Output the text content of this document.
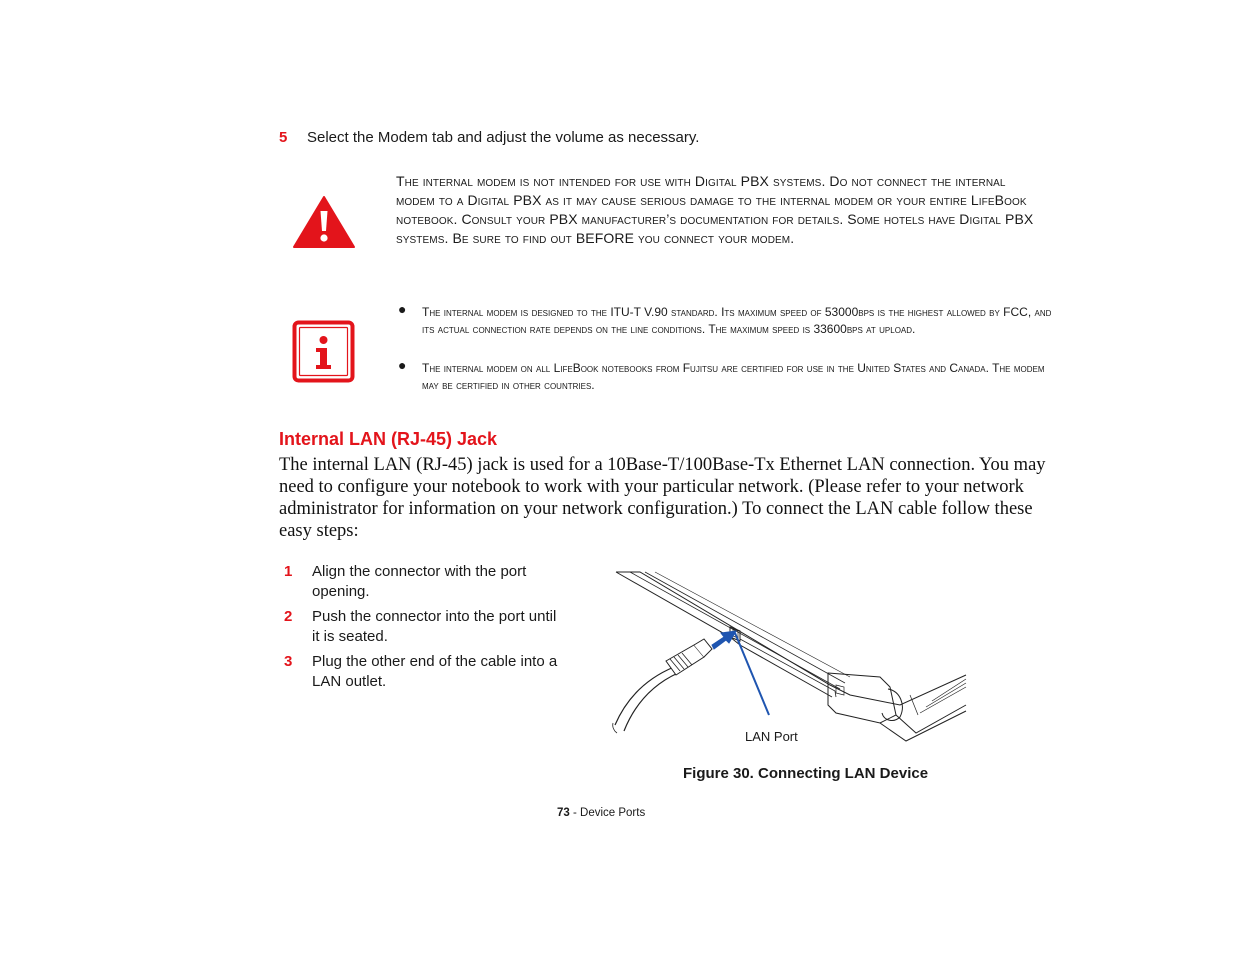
5 Select the Modem tab and adjust the volume as necessary.
The internal modem is not intended for use with Digital PBX systems. Do not connect the internal modem to a Digital PBX as it may cause serious damage to the internal modem or your entire LifeBook notebook. Consult your PBX manufacturer’s documentation for details. Some hotels have Digital PBX systems. Be sure to find out BEFORE you connect your modem.
● The internal modem is designed to the ITU-T V.90 standard. Its maximum speed of 53000bps is the highest allowed by FCC, and its actual connection rate depends on the line conditions. The maximum speed is 33600bps at upload.
● The internal modem on all LifeBook notebooks from Fujitsu are certified for use in the United States and Canada. The modem may be certified in other countries.
Internal LAN (RJ-45) Jack
The internal LAN (RJ-45) jack is used for a 10Base-T/100Base-Tx Ethernet LAN connection. You may need to configure your notebook to work with your particular network. (Please refer to your network administrator for information on your network configuration.) To connect the LAN cable follow these easy steps:
1 Align the connector with the port opening.
2 Push the connector into the port until it is seated.
3 Plug the other end of the cable into a LAN outlet.
LAN Port
Figure 30. Connecting LAN Device
73 - Device Ports
